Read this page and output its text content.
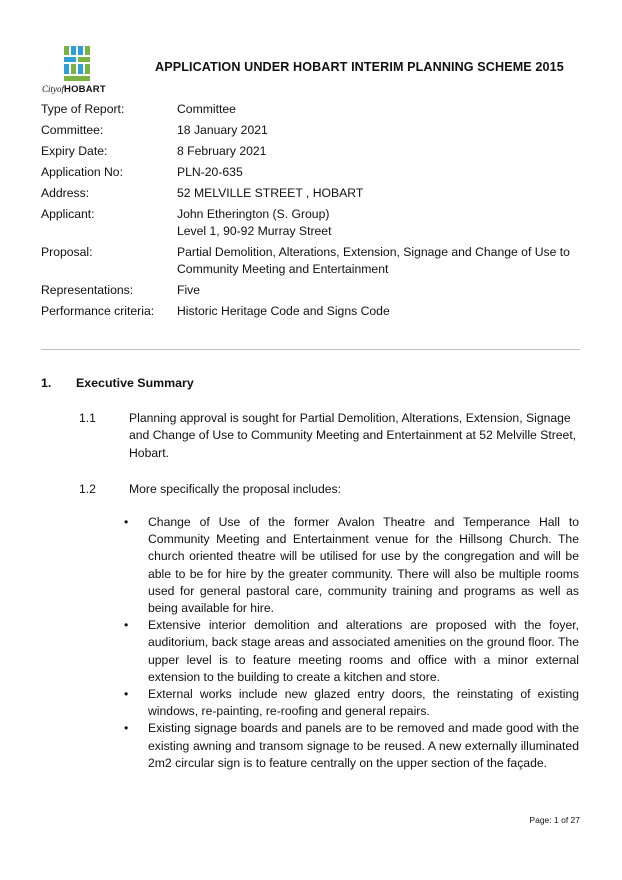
CityofHOBART
APPLICATION UNDER HOBART INTERIM PLANNING SCHEME 2015
Type of Report:	Committee
Committee:	18 January 2021
Expiry Date:	8 February 2021
Application No:	PLN-20-635
Address:	52 MELVILLE STREET , HOBART
Applicant:	John Etherington (S. Group)
Level 1, 90-92 Murray Street
Proposal:	Partial Demolition, Alterations, Extension, Signage and Change of Use to
Community Meeting and Entertainment
Representations:	Five
Performance criteria:	Historic Heritage Code and Signs Code
1.	Executive Summary
1.1	Planning approval is sought for Partial Demolition, Alterations, Extension, Signage and Change of Use to Community Meeting and Entertainment at 52 Melville Street, Hobart.
1.2	More specifically the proposal includes:
•	Change of Use of the former Avalon Theatre and Temperance Hall to Community Meeting and Entertainment venue for the Hillsong Church. The church oriented theatre will be utilised for use by the congregation and will be able to be for hire by the greater community. There will also be multiple rooms used for general pastoral care, community training and programs as well as being available for hire.
•	Extensive interior demolition and alterations are proposed with the foyer, auditorium, back stage areas and associated amenities on the ground floor. The upper level is to feature meeting rooms and office with a minor external extension to the building to create a kitchen and store.
•	External works include new glazed entry doors, the reinstating of existing windows, re-painting, re-roofing and general repairs.
•	Existing signage boards and panels are to be removed and made good with the existing awning and transom signage to be reused. A new externally illuminated 2m2 circular sign is to feature centrally on the upper section of the façade.
Page: 1 of 27
